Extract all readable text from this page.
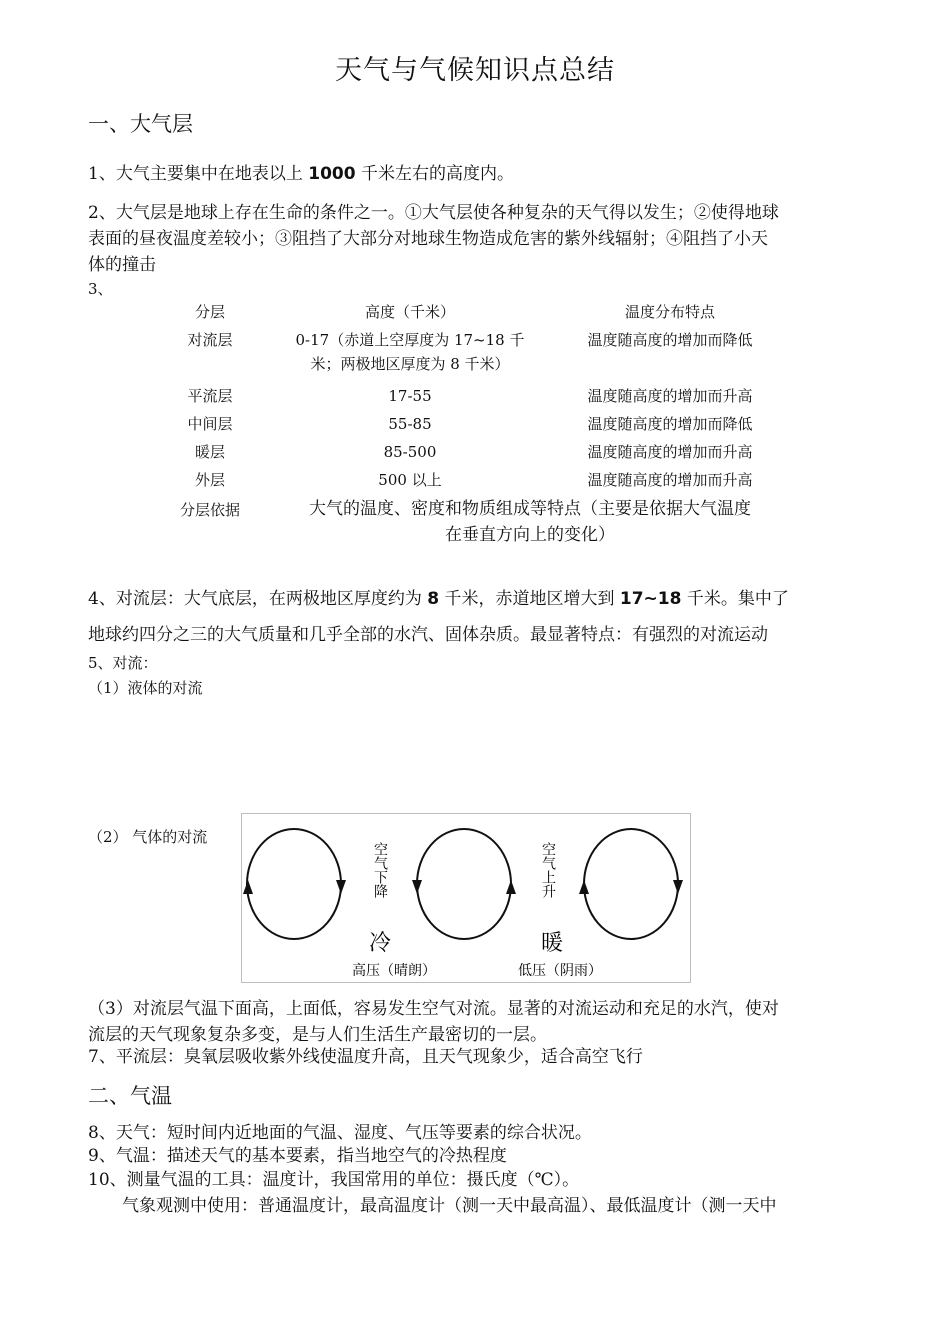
天气与气候知识点总结
一、大气层
1、大气主要集中在地表以上 1000 千米左右的高度内。
2、大气层是地球上存在生命的条件之一。①大气层使各种复杂的天气得以发生；②使得地球
表面的昼夜温度差较小；③阻挡了大部分对地球生物造成危害的紫外线辐射；④阻挡了小天
体的撞击
3、
分层	高度（千米）	温度分布特点

对流层	0-17（赤道上空厚度为 17~18 千
米；两极地区厚度为 8 千米）	温度随高度的增加而降低

平流层	17-55	温度随高度的增加而升高
中间层	55-85	温度随高度的增加而降低
暖层	85-500	温度随高度的增加而升高
外层	500 以上	温度随高度的增加而升高
分层依据	大气的温度、密度和物质组成等特点（主要是依据大气温度
在垂直方向上的变化）	
4、对流层：大气底层，在两极地区厚度约为 8 千米，赤道地区增大到 17~18 千米。集中了
地球约四分之三的大气质量和几乎全部的水汽、固体杂质。最显著特点：有强烈的对流运动
5、对流：
（1）液体的对流
（2） 气体的对流
空气下降	空气上升
冷	暖
高压（晴朗）	低压（阴雨）
（3）对流层气温下面高，上面低，容易发生空气对流。显著的对流运动和充足的水汽，使对
流层的天气现象复杂多变，是与人们生活生产最密切的一层。
7、平流层：臭氧层吸收紫外线使温度升高，且天气现象少，适合高空飞行
二、气温
8、天气：短时间内近地面的气温、湿度、气压等要素的综合状况。
9、气温：描述天气的基本要素，指当地空气的冷热程度
10、测量气温的工具：温度计，我国常用的单位：摄氏度（℃）。
气象观测中使用：普通温度计，最高温度计（测一天中最高温）、最低温度计（测一天中
